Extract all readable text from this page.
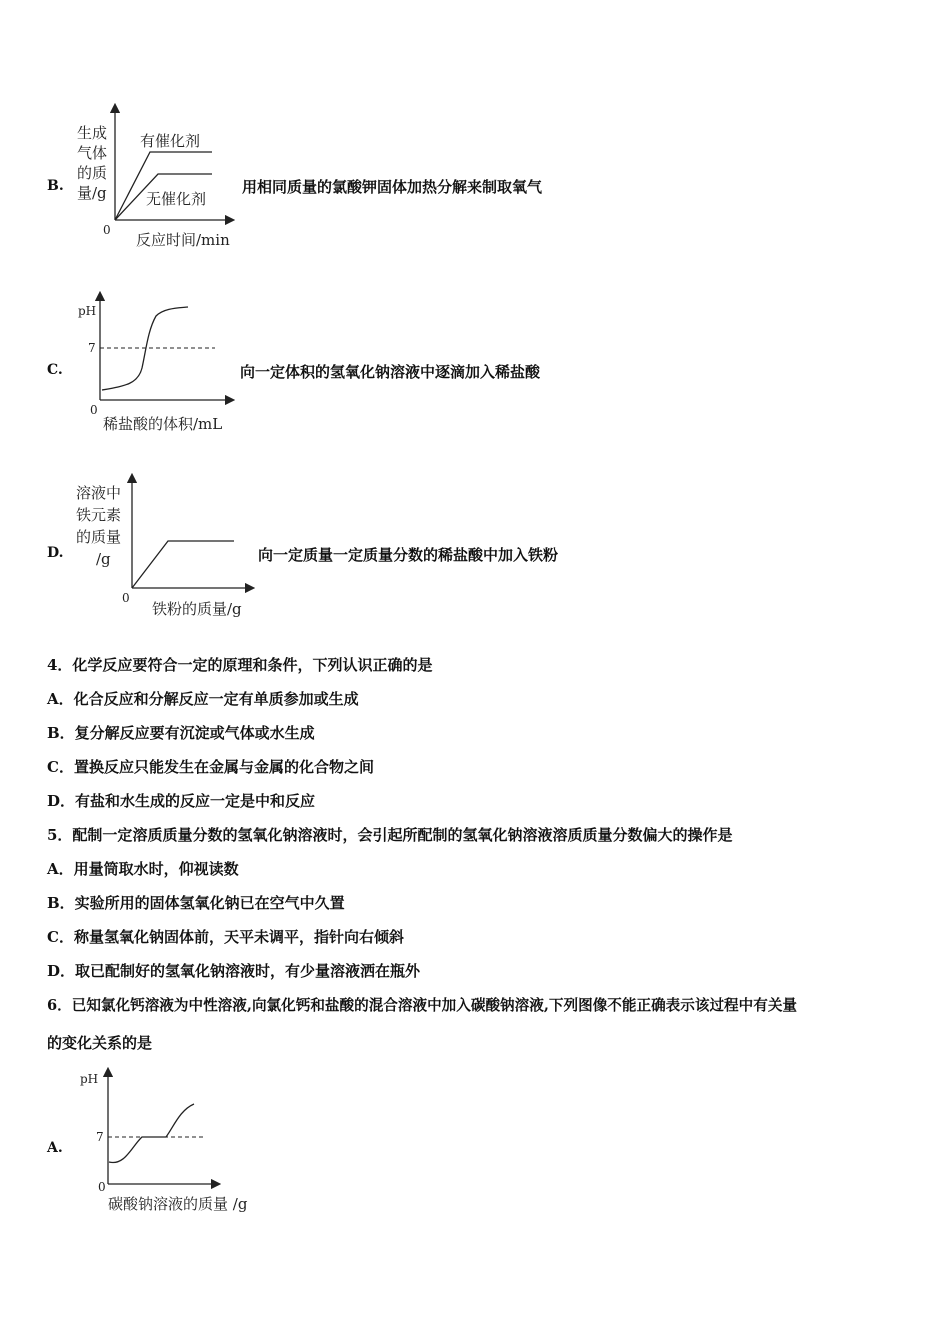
B.
生成
气体
的质
量/g
有催化剂
无催化剂
0
反应时间/min
用相同质量的氯酸钾固体加热分解来制取氧气
C.
pH
7
0
稀盐酸的体积/mL
向一定体积的氢氧化钠溶液中逐滴加入稀盐酸
D.
溶液中
铁元素
的质量
/g
0
铁粉的质量/g
向一定质量一定质量分数的稀盐酸中加入铁粉
4．化学反应要符合一定的原理和条件，下列认识正确的是
A．化合反应和分解反应一定有单质参加或生成
B．复分解反应要有沉淀或气体或水生成
C．置换反应只能发生在金属与金属的化合物之间
D．有盐和水生成的反应一定是中和反应
5．配制一定溶质质量分数的氢氧化钠溶液时，会引起所配制的氢氧化钠溶液溶质质量分数偏大的操作是
A．用量筒取水时，仰视读数
B．实验所用的固体氢氧化钠已在空气中久置
C．称量氢氧化钠固体前，天平未调平，指针向右倾斜
D．取已配制好的氢氧化钠溶液时，有少量溶液洒在瓶外
6．已知氯化钙溶液为中性溶液,向氯化钙和盐酸的混合溶液中加入碳酸钠溶液,下列图像不能正确表示该过程中有关量
的变化关系的是
A.
pH
7
0
碳酸钠溶液的质量 /g
